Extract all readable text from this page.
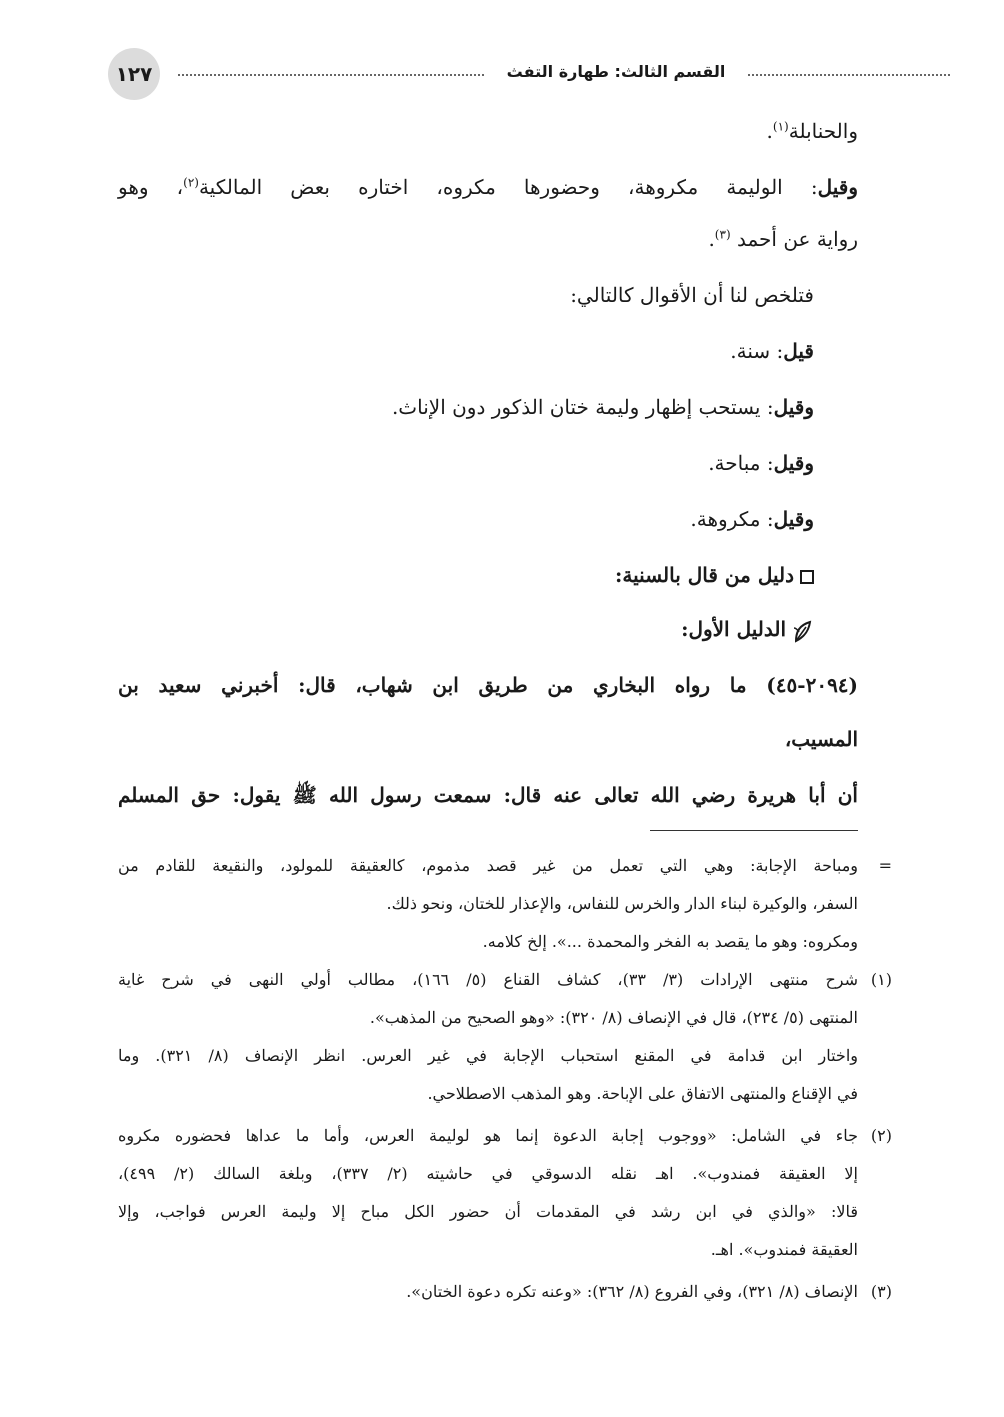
١٢٧	القسم الثالث: طهارة التفث
والحنابلة$^{(١)}$.
وقيل: الوليمة مكروهة، وحضورها مكروه، اختاره بعض المالكية$^{(٢)}$، وهو
رواية عن أحمد $^{(٣)}$.
فتلخص لنا أن الأقوال كالتالي:
قيل: سنة.
وقيل: يستحب إظهار وليمة ختان الذكور دون الإناث.
وقيل: مباحة.
وقيل: مكروهة.
دليل من قال بالسنية:
الدليل الأول:
(٢٠٩٤-٤٥) ما رواه البخاري من طريق ابن شهاب، قال: أخبرني سعيد بن
المسيب،
أن أبا هريرة رضي الله تعالى عنه قال: سمعت رسول الله ﷺ يقول: حق المسلم
=
ومباحة الإجابة: وهي التي تعمل من غير قصد مذموم، كالعقيقة للمولود، والنقيعة للقادم من
السفر، والوكيرة لبناء الدار والخرس للنفاس، والإعذار للختان، ونحو ذلك.
ومكروه: وهو ما يقصد به الفخر والمحمدة ...». إلخ كلامه.
(١)
شرح منتهى الإرادات (٣/ ٣٣)، كشاف القناع (٥/ ١٦٦)، مطالب أولي النهى في شرح غاية
المنتهى (٥/ ٢٣٤)، قال في الإنصاف (٨/ ٣٢٠): «وهو الصحيح من المذهب».
واختار ابن قدامة في المقنع استحباب الإجابة في غير العرس. انظر الإنصاف (٨/ ٣٢١). وما
في الإقناع والمنتهى الاتفاق على الإباحة. وهو المذهب الاصطلاحي.
(٢)
جاء في الشامل: «ووجوب إجابة الدعوة إنما هو لوليمة العرس، وأما ما عداها فحضوره مكروه
إلا العقيقة فمندوب». اهـ نقله الدسوقي في حاشيته (٢/ ٣٣٧)، وبلغة السالك (٢/ ٤٩٩)،
قالا: «والذي في ابن رشد في المقدمات أن حضور الكل مباح إلا وليمة العرس فواجب، وإلا
العقيقة فمندوب». اهـ.
(٣)
الإنصاف (٨/ ٣٢١)، وفي الفروع (٨/ ٣٦٢): «وعنه تكره دعوة الختان».
